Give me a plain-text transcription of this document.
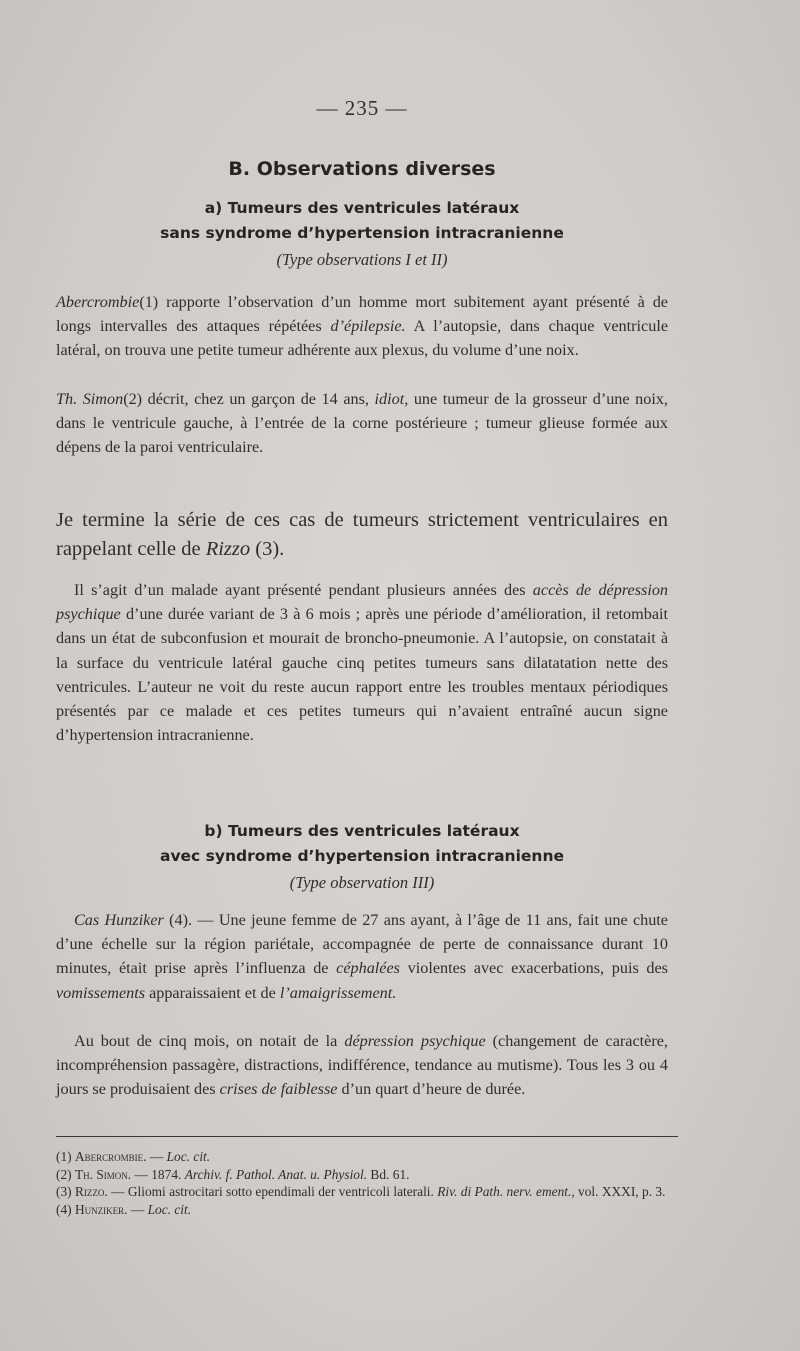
— 235 —
B. Observations diverses
a) Tumeurs des ventricules latéraux
sans syndrome d’hypertension intracranienne
(Type observations I et II)

Abercrombie(1) rapporte l’observation d’un homme mort subitement ayant présenté à de longs intervalles des attaques répétées d’épilepsie. A l’autopsie, dans chaque ventricule latéral, on trouva une petite tumeur adhérente aux plexus, du volume d’une noix.

Th. Simon(2) décrit, chez un garçon de 14 ans, idiot, une tumeur de la grosseur d’une noix, dans le ventricule gauche, à l’entrée de la corne postérieure ; tumeur glieuse formée aux dépens de la paroi ventriculaire.

Je termine la série de ces cas de tumeurs strictement ventriculaires en rappelant celle de Rizzo (3).

Il s’agit d’un malade ayant présenté pendant plusieurs années des accès de dépression psychique d’une durée variant de 3 à 6 mois ; après une période d’amélioration, il retombait dans un état de subconfusion et mourait de broncho-pneumonie. A l’autopsie, on constatait à la surface du ventricule latéral gauche cinq petites tumeurs sans dilatatation nette des ventricules. L’auteur ne voit du reste aucun rapport entre les troubles mentaux périodiques présentés par ce malade et ces petites tumeurs qui n’avaient entraîné aucun signe d’hypertension intracranienne.

b) Tumeurs des ventricules latéraux
avec syndrome d’hypertension intracranienne
(Type observation III)

Cas Hunziker (4). — Une jeune femme de 27 ans ayant, à l’âge de 11 ans, fait une chute d’une échelle sur la région pariétale, accompagnée de perte de connaissance durant 10 minutes, était prise après l’influenza de céphalées violentes avec exacerbations, puis des vomissements apparaissaient et de l’amaigrissement.

Au bout de cinq mois, on notait de la dépression psychique (changement de caractère, incompréhension passagère, distractions, indifférence, tendance au mutisme). Tous les 3 ou 4 jours se produisaient des crises de faiblesse d’un quart d’heure de durée.

(1) Abercrombie. — Loc. cit.
(2) Th. Simon. — 1874. Archiv. f. Pathol. Anat. u. Physiol. Bd. 61.
(3) Rizzo. — Gliomi astrocitari sotto ependimali der ventricoli laterali. Riv. di Path. nerv. ement., vol. XXXI, p. 3.
(4) Hunziker. — Loc. cit.
